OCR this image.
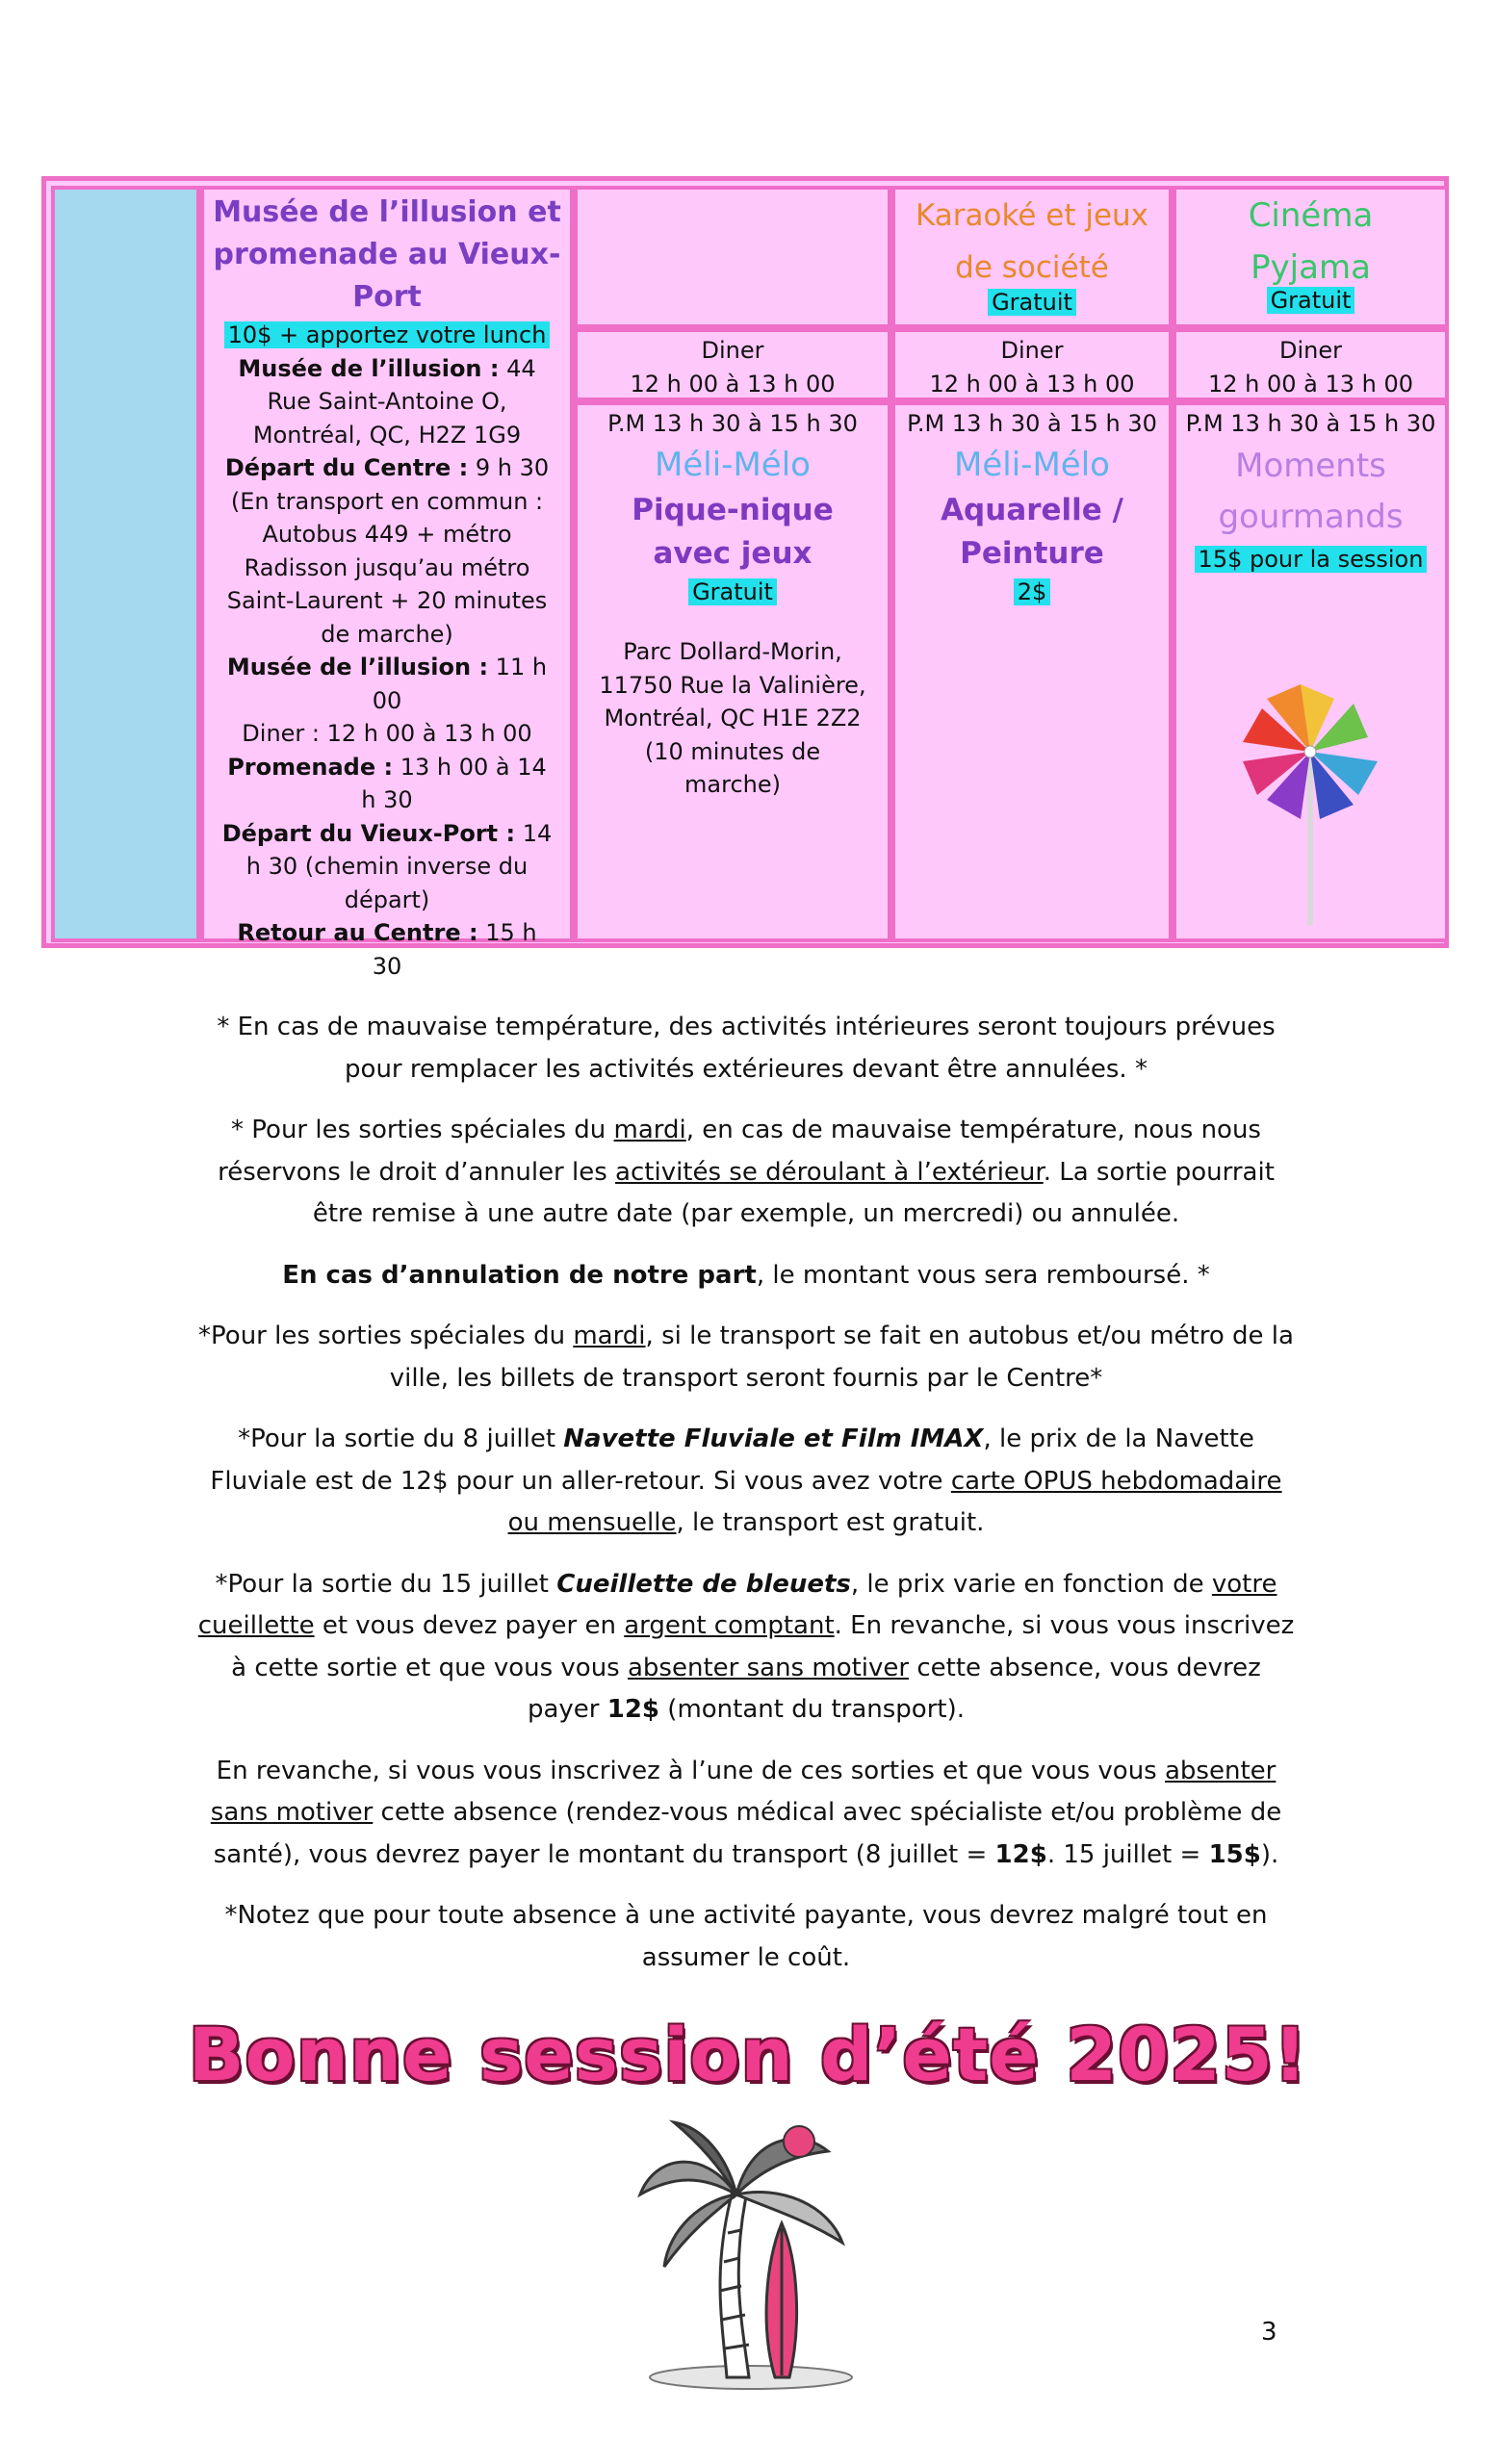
Musée de l’illusion et promenade au Vieux-Port
10$ + apportez votre lunch
Musée de l’illusion : 44 Rue Saint-Antoine O, Montréal, QC, H2Z 1G9
Départ du Centre : 9 h 30 (En transport en commun : Autobus 449 + métro Radisson jusqu’au métro Saint-Laurent + 20 minutes de marche)
Musée de l’illusion : 11 h 00
Diner : 12 h 00 à 13 h 00
Promenade : 13 h 00 à 14 h 30
Départ du Vieux-Port : 14 h 30 (chemin inverse du départ)
Retour au Centre : 15 h 30
Diner
12 h 00 à 13 h 00
P.M 13 h 30 à 15 h 30
Méli-Mélo
Pique-nique avec jeux
Gratuit
Parc Dollard-Morin, 11750 Rue la Valinière, Montréal, QC H1E 2Z2 (10 minutes de marche)
Karaoké et jeux de société
Gratuit
Diner
12 h 00 à 13 h 00
P.M 13 h 30 à 15 h 30
Méli-Mélo
Aquarelle / Peinture
2$
Cinéma Pyjama
Gratuit
Diner
12 h 00 à 13 h 00
P.M 13 h 30 à 15 h 30
Moments gourmands
15$ pour la session

* En cas de mauvaise température, des activités intérieures seront toujours prévues pour remplacer les activités extérieures devant être annulées. *

* Pour les sorties spéciales du mardi, en cas de mauvaise température, nous nous réservons le droit d’annuler les activités se déroulant à l’extérieur. La sortie pourrait être remise à une autre date (par exemple, un mercredi) ou annulée.

En cas d’annulation de notre part, le montant vous sera remboursé. *

*Pour les sorties spéciales du mardi, si le transport se fait en autobus et/ou métro de la ville, les billets de transport seront fournis par le Centre*

*Pour la sortie du 8 juillet Navette Fluviale et Film IMAX, le prix de la Navette Fluviale est de 12$ pour un aller-retour. Si vous avez votre carte OPUS hebdomadaire ou mensuelle, le transport est gratuit.

*Pour la sortie du 15 juillet Cueillette de bleuets, le prix varie en fonction de votre cueillette et vous devez payer en argent comptant. En revanche, si vous vous inscrivez à cette sortie et que vous vous absenter sans motiver cette absence, vous devrez payer 12$ (montant du transport).

En revanche, si vous vous inscrivez à l’une de ces sorties et que vous vous absenter sans motiver cette absence (rendez-vous médical avec spécialiste et/ou problème de santé), vous devrez payer le montant du transport (8 juillet = 12$. 15 juillet = 15$).

*Notez que pour toute absence à une activité payante, vous devrez malgré tout en assumer le coût.

Bonne session d’été 2025!
3
